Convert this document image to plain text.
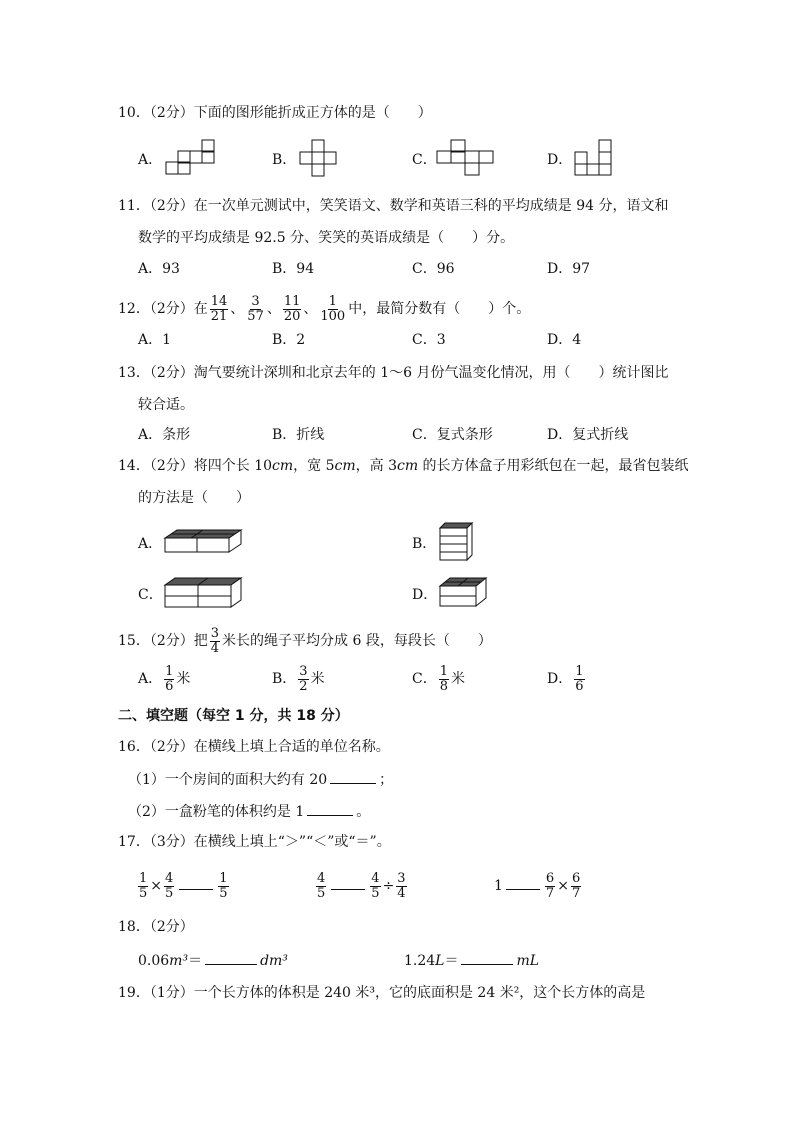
10．（2分）下面的图形能折成正方体的是（　　）
A．	B．	C．	D．
11．（2分）在一次单元测试中，笑笑语文、数学和英语三科的平均成绩是 94 分，语文和
数学的平均成绩是 92.5 分、笑笑的英语成绩是（　　）分。
A．93	B．94	C．96	D．97
12．（2分）在 $\frac{14}{21}$ 、 $\frac{3}{57}$ 、 $\frac{11}{20}$ 、 $\frac{1}{100}$ 中，最简分数有（　　）个。
A．1	B．2	C．3	D．4
13．（2分）淘气要统计深圳和北京去年的 1～6 月份气温变化情况，用（　　）统计图比
较合适。
A．条形	B．折线	C．复式条形	D．复式折线
14．（2分）将四个长 10cm，宽 5cm，高 3cm 的长方体盒子用彩纸包在一起，最省包装纸
的方法是（　　）
A．	B．
C．	D．
15．（2分）把 $\frac{3}{4}$ 米长的绳子平均分成 6 段，每段长（　　）
A． $\frac{1}{6}$ 米	B． $\frac{3}{2}$ 米	C． $\frac{1}{8}$ 米	D． $\frac{1}{6}$
二、填空题（每空 1 分，共 18 分）
16．（2分）在横线上填上合适的单位名称。
（1）一个房间的面积大约有 20	；
（2）一盒粉笔的体积约是 1	。
17．（3分）在横线上填上“＞”“＜”或“＝”。
$\frac{1}{5} \times \frac{4}{5}$	$\frac{1}{5}$	$\frac{4}{5}$	$\frac{4}{5} \div \frac{3}{4}$	1	$\frac{6}{7} \times \frac{6}{7}$
18．（2分）
0.06m³＝	dm³	1.24L＝	mL
19．（1分）一个长方体的体积是 240 米³，它的底面积是 24 米²，这个长方体的高是
